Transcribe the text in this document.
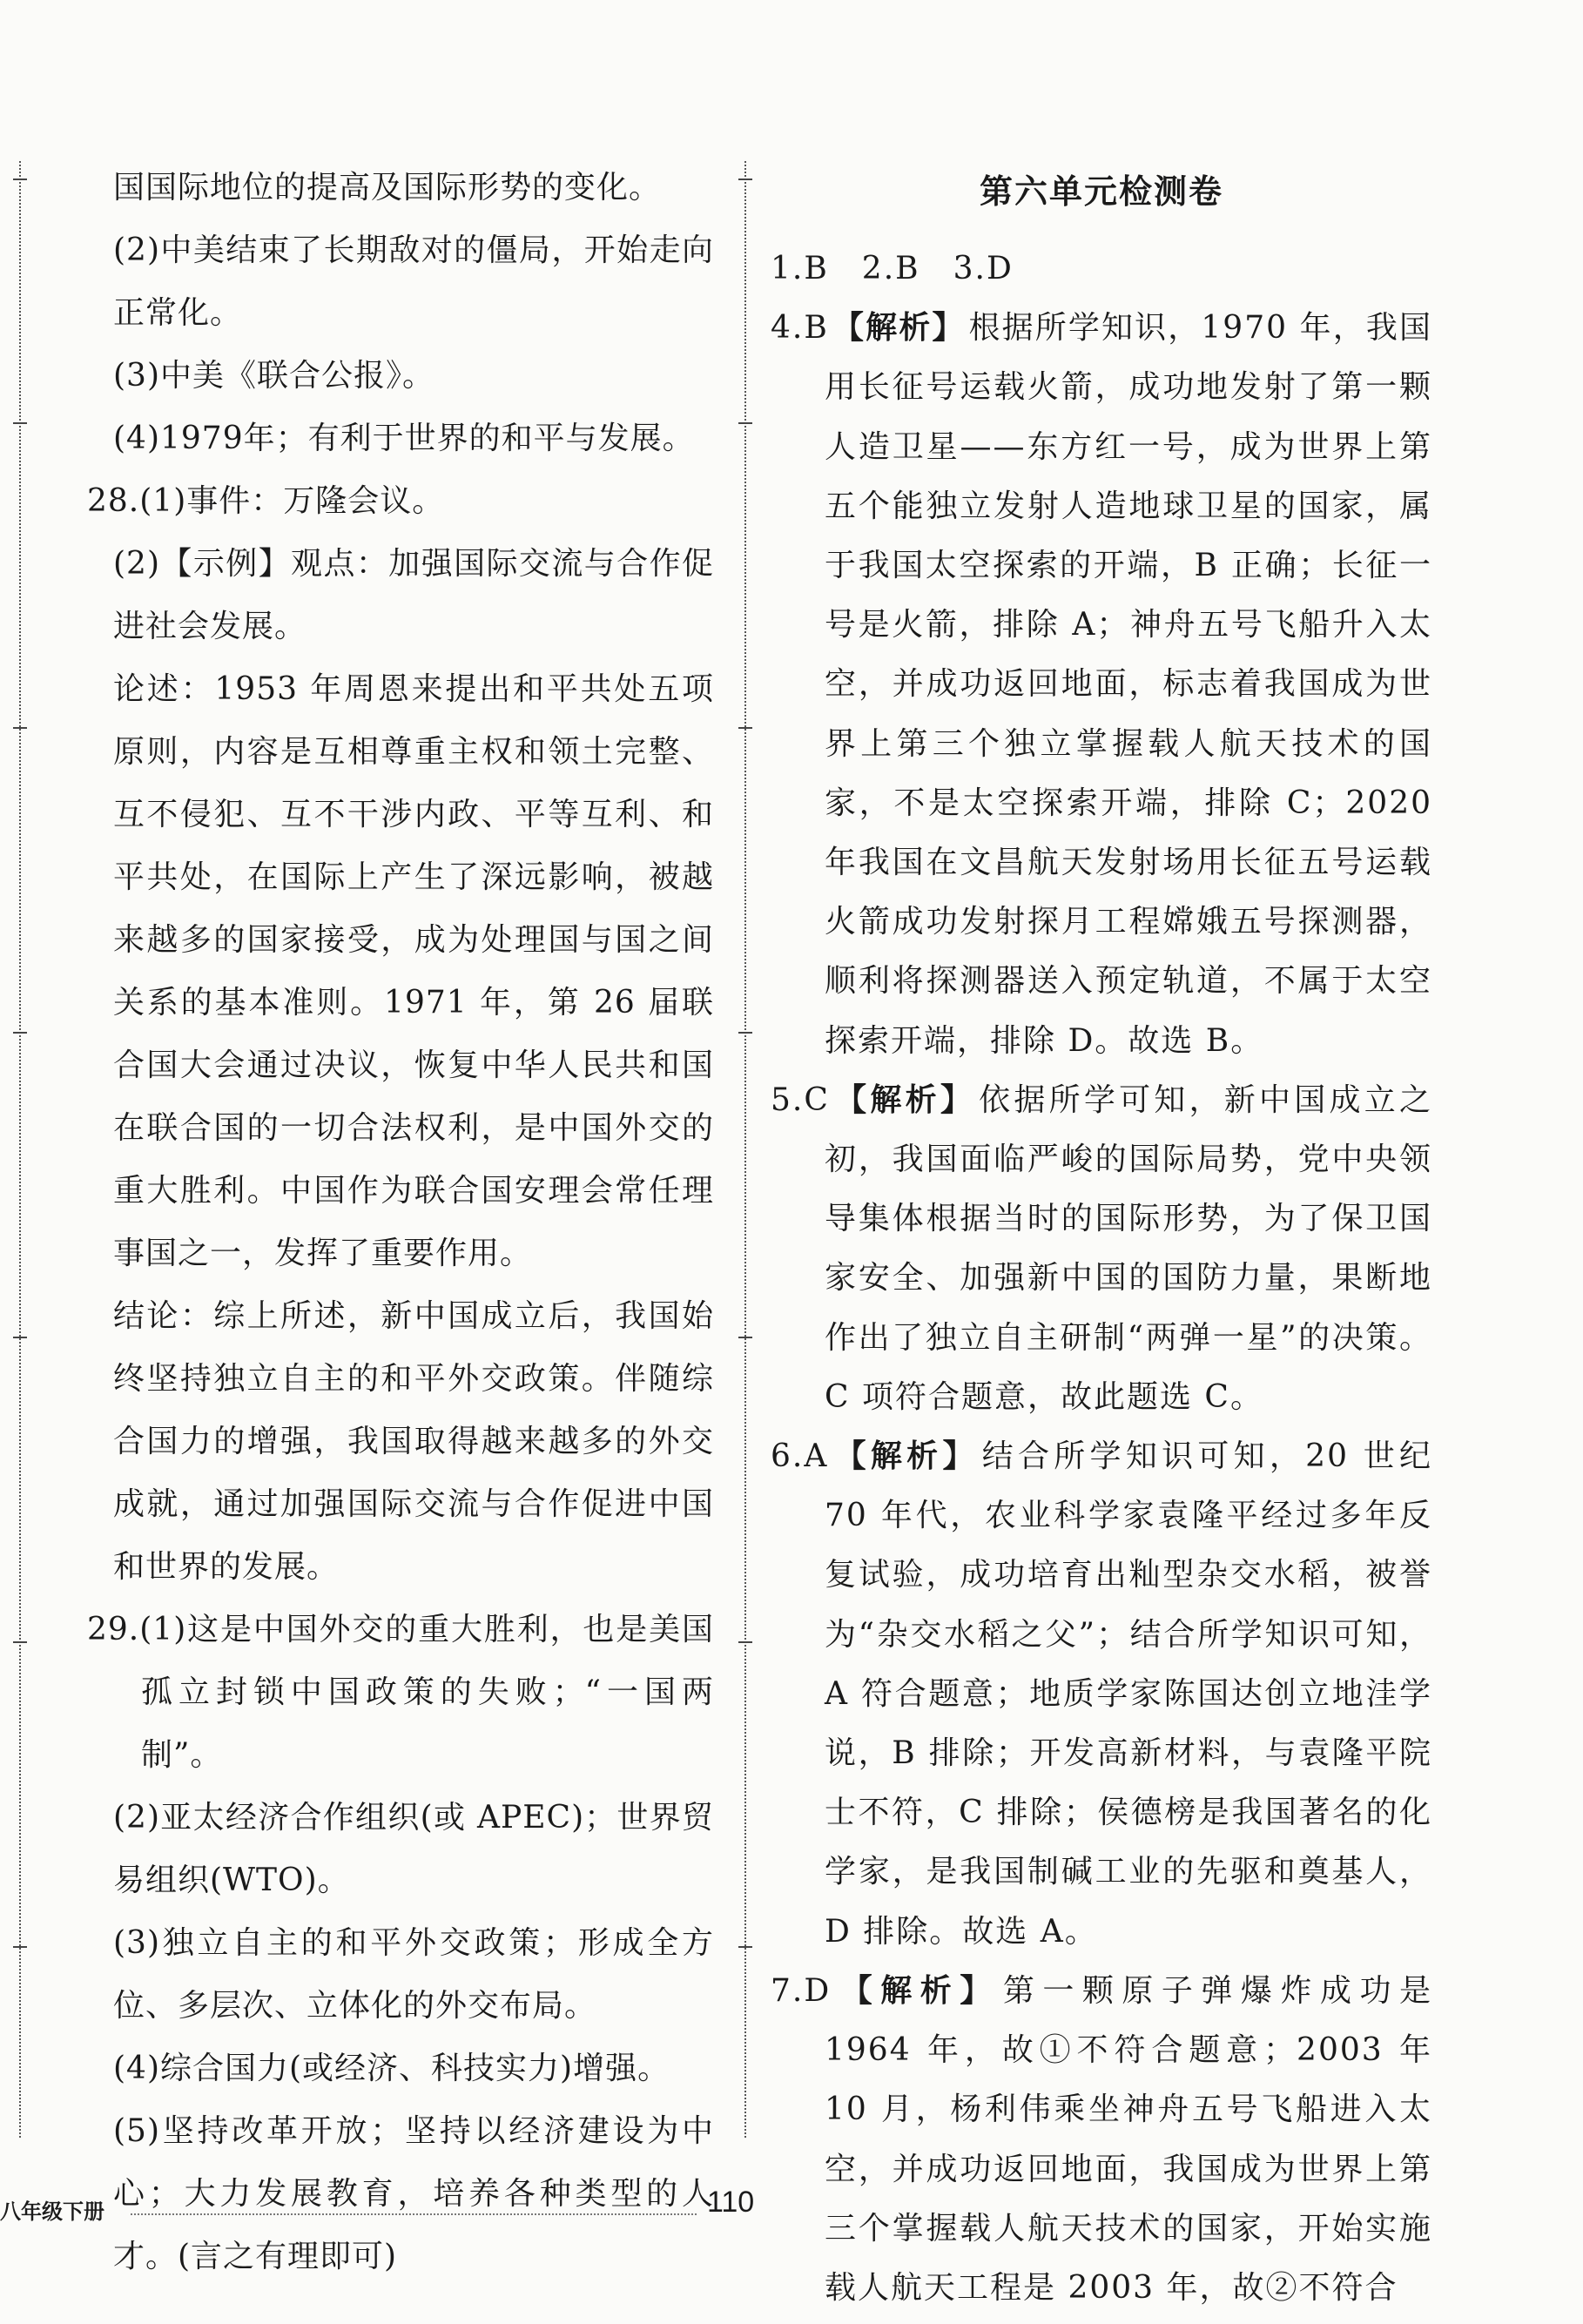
国国际地位的提高及国际形势的变化。

(2)中美结束了长期敌对的僵局，开始走向正常化。

(3)中美《联合公报》。

(4)1979年；有利于世界的和平与发展。

28.(1)事件：万隆会议。

(2)【示例】观点：加强国际交流与合作促进社会发展。

论述：1953 年周恩来提出和平共处五项原则，内容是互相尊重主权和领土完整、互不侵犯、互不干涉内政、平等互利、和平共处，在国际上产生了深远影响，被越来越多的国家接受，成为处理国与国之间关系的基本准则。1971 年，第 26 届联合国大会通过决议，恢复中华人民共和国在联合国的一切合法权利，是中国外交的重大胜利。中国作为联合国安理会常任理事国之一，发挥了重要作用。

结论：综上所述，新中国成立后，我国始终坚持独立自主的和平外交政策。伴随综合国力的增强，我国取得越来越多的外交成就，通过加强国际交流与合作促进中国和世界的发展。

29.(1)这是中国外交的重大胜利，也是美国孤立封锁中国政策的失败；“一国两制”。

(2)亚太经济合作组织(或 APEC)；世界贸易组织(WTO)。

(3)独立自主的和平外交政策；形成全方位、多层次、立体化的外交布局。

(4)综合国力(或经济、科技实力)增强。

(5)坚持改革开放；坚持以经济建设为中心；大力发展教育，培养各种类型的人才。(言之有理即可)

第六单元检测卷

1.B　2.B　3.D

4.B 【解析】 根据所学知识，1970 年，我国用长征号运载火箭，成功地发射了第一颗人造卫星——东方红一号，成为世界上第五个能独立发射人造地球卫星的国家，属于我国太空探索的开端，B 正确；长征一号是火箭，排除 A；神舟五号飞船升入太空，并成功返回地面，标志着我国成为世界上第三个独立掌握载人航天技术的国家，不是太空探索开端，排除 C；2020 年我国在文昌航天发射场用长征五号运载火箭成功发射探月工程嫦娥五号探测器，顺利将探测器送入预定轨道，不属于太空探索开端，排除 D。故选 B。

5.C 【解析】 依据所学可知，新中国成立之初，我国面临严峻的国际局势，党中央领导集体根据当时的国际形势，为了保卫国家安全、加强新中国的国防力量，果断地作出了独立自主研制“两弹一星”的决策。C 项符合题意，故此题选 C。

6.A 【解析】 结合所学知识可知，20 世纪 70 年代，农业科学家袁隆平经过多年反复试验，成功培育出籼型杂交水稻，被誉为“杂交水稻之父”；结合所学知识可知，A 符合题意；地质学家陈国达创立地洼学说，B 排除；开发高新材料，与袁隆平院士不符，C 排除；侯德榜是我国著名的化学家，是我国制碱工业的先驱和奠基人，D 排除。故选 A。

7.D 【解析】 第一颗原子弹爆炸成功是 1964 年，故①不符合题意；2003 年 10 月，杨利伟乘坐神舟五号飞船进入太空，并成功返回地面，我国成为世界上第三个掌握载人航天技术的国家，开始实施载人航天工程是 2003 年，故②不符合

八年级下册	110
